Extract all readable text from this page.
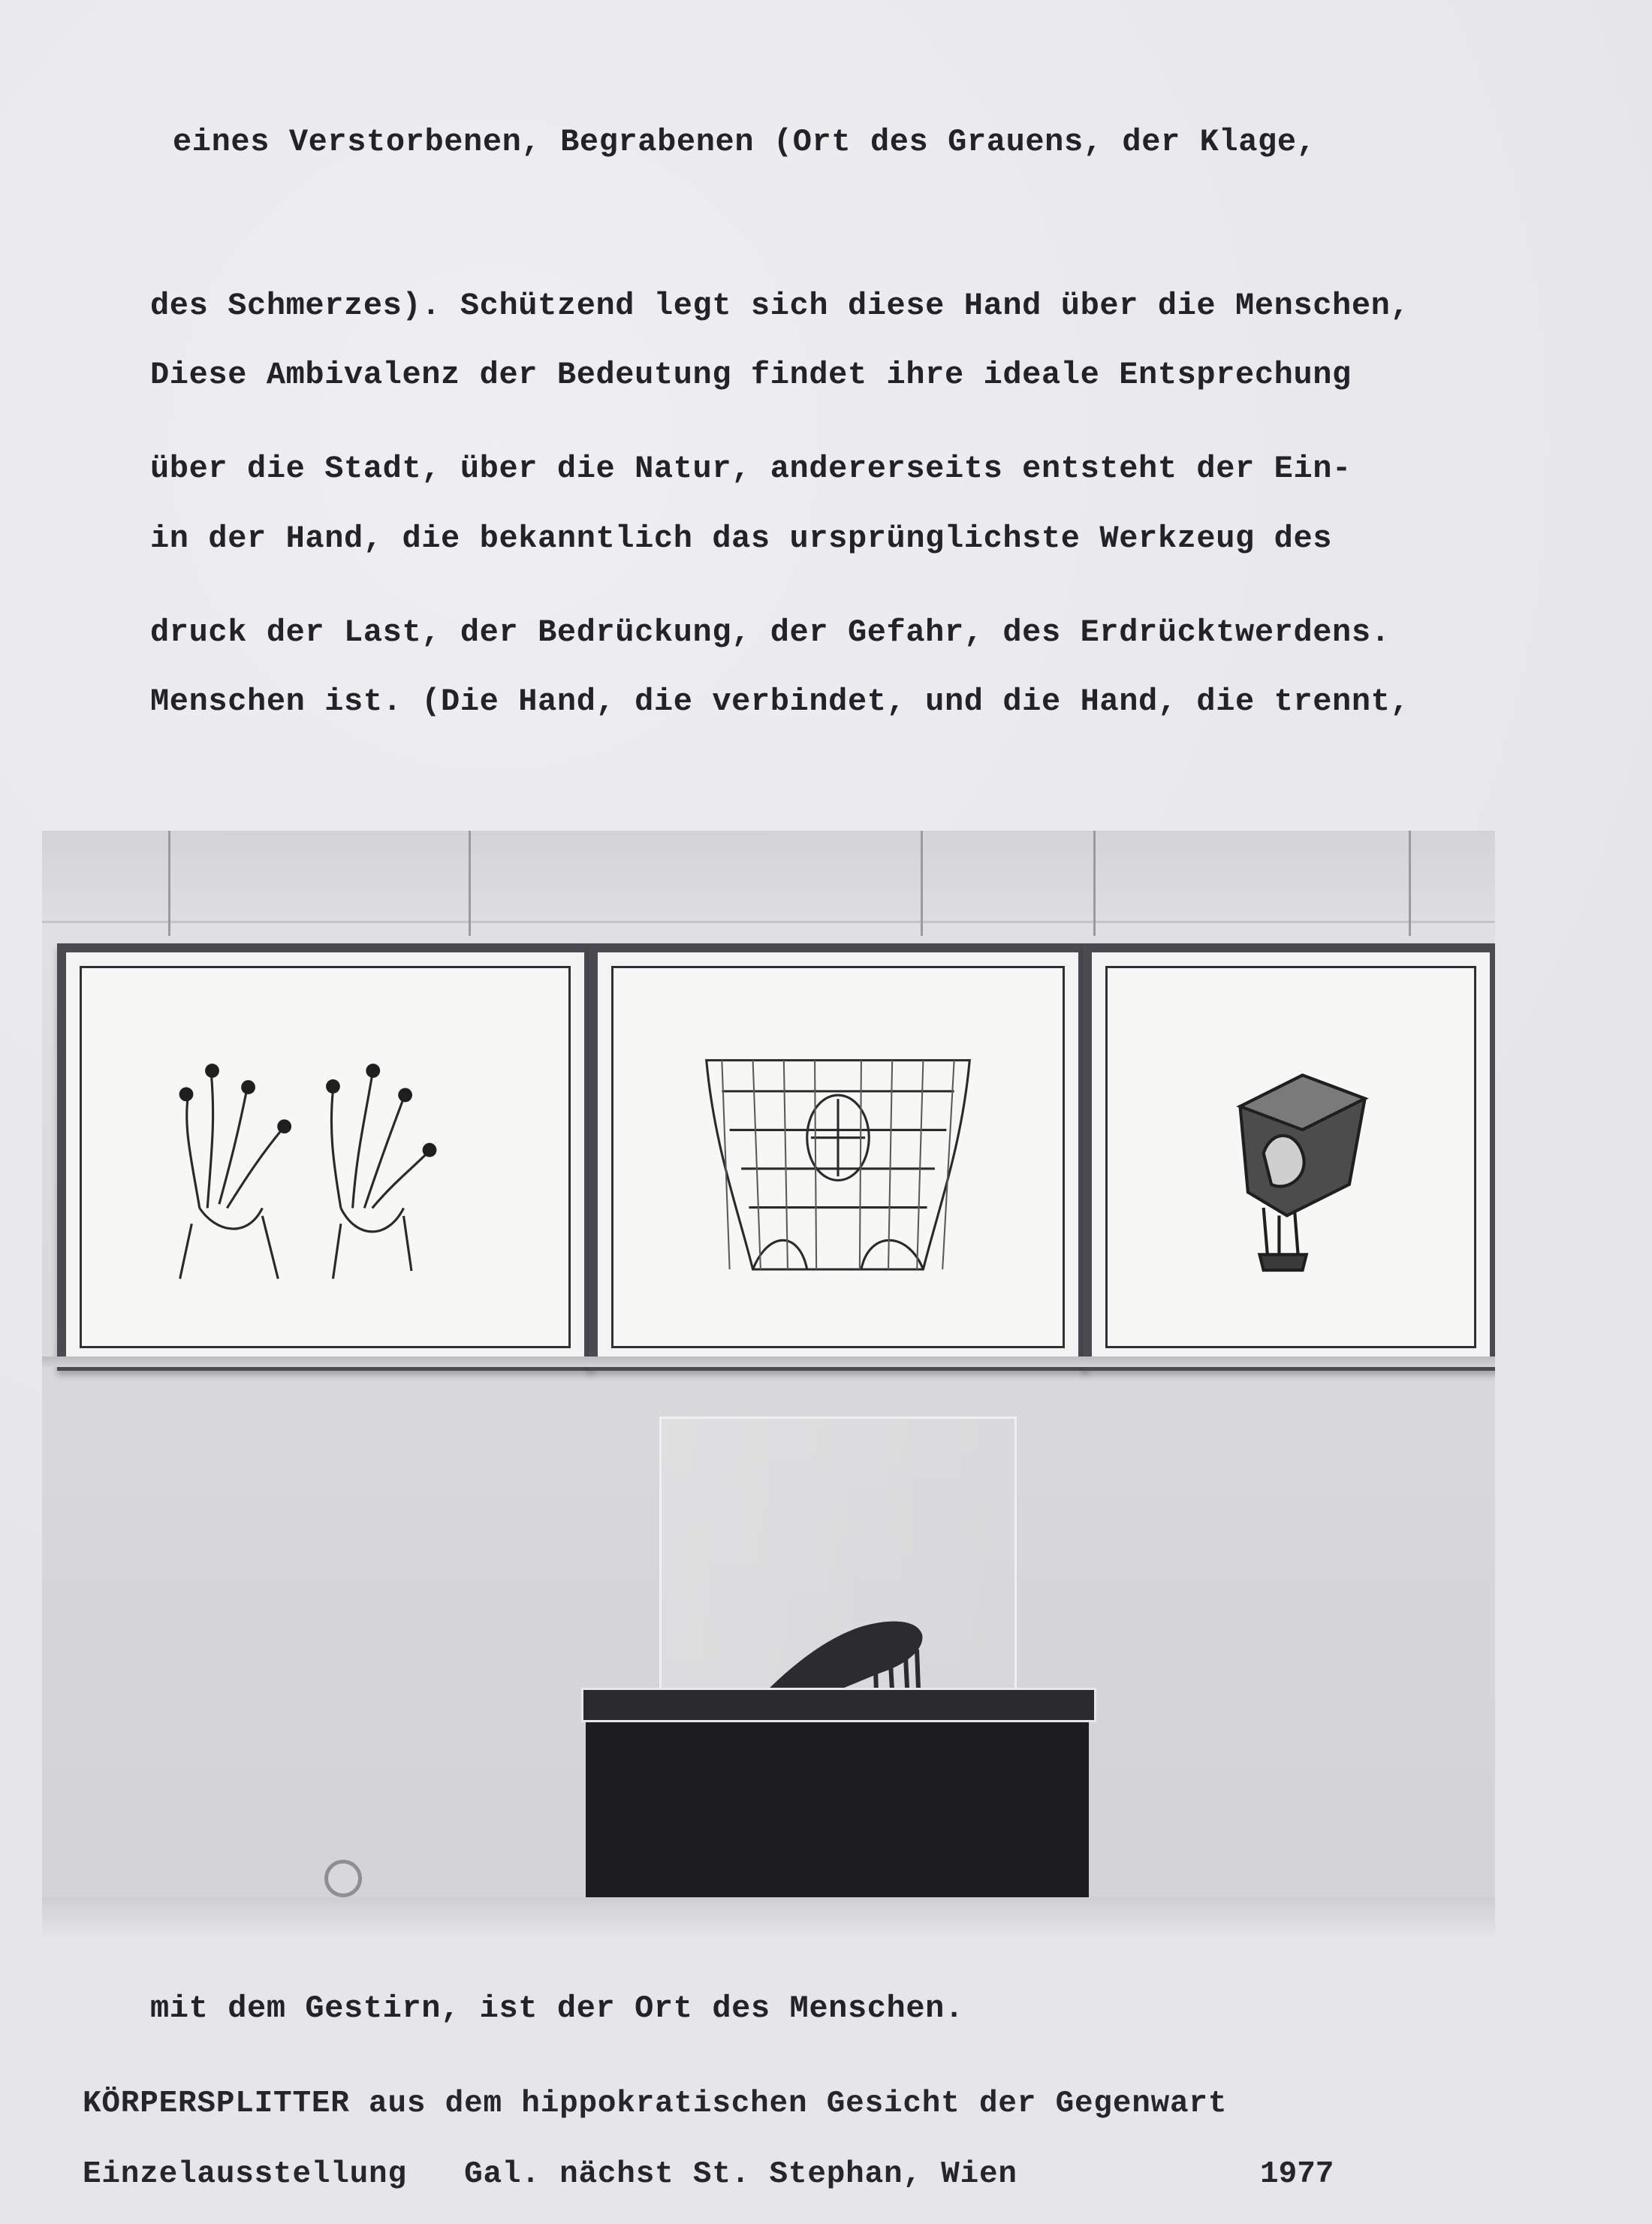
eines Verstorbenen, Begrabenen (Ort des Grauens, der Klage,

des Schmerzes). Schützend legt sich diese Hand über die Menschen,

über die Stadt, über die Natur, andererseits entsteht der Ein-

druck der Last, der Bedrückung, der Gefahr, des Erdrücktwerdens.

Diese Ambivalenz der Bedeutung findet ihre ideale Entsprechung

in der Hand, die bekanntlich das ursprünglichste Werkzeug des

Menschen ist. (Die Hand, die verbindet, und die Hand, die trennt,

mit dem Gestirn, ist der Ort des Menschen.

KÖRPERSPLITTER aus dem hippokratischen Gesicht der Gegenwart
Einzelausstellung   Gal. nächst St. Stephan, Wien	1977
